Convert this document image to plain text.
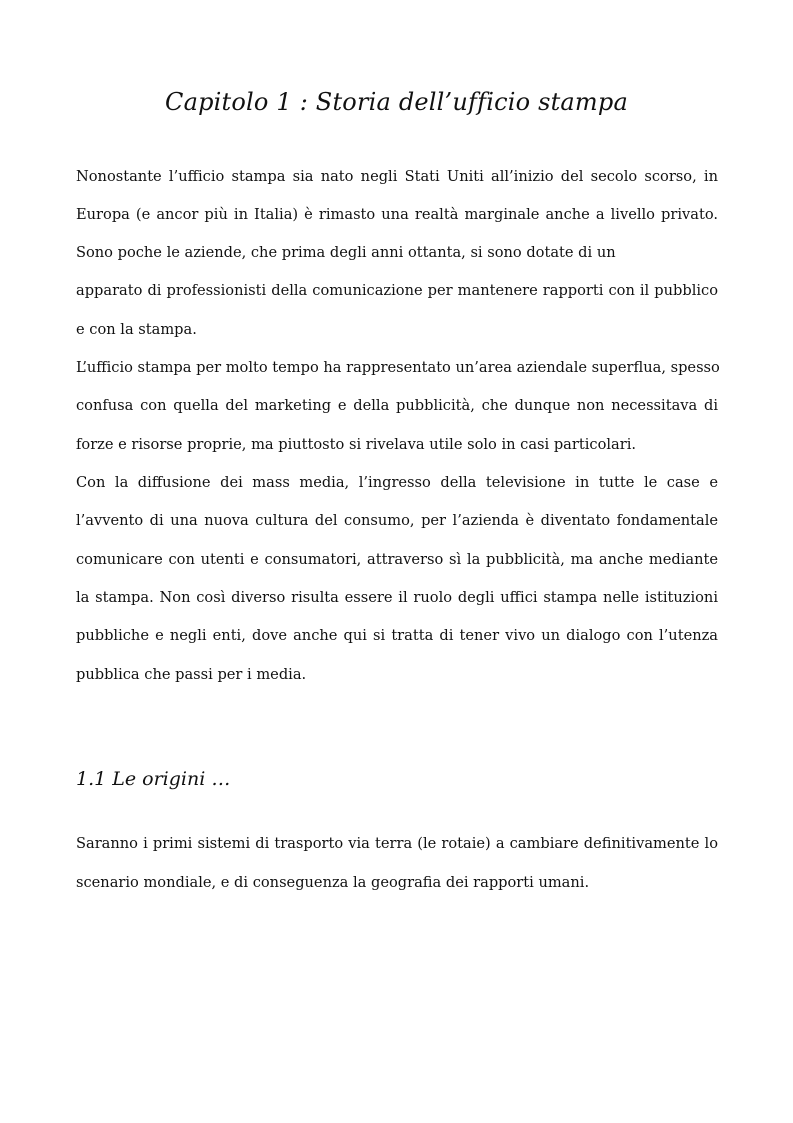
Capitolo 1 : Storia dell’ufficio stampa
Nonostante l’ufficio stampa sia nato negli Stati Uniti all’inizio del secolo scorso, in
Europa (e ancor più in Italia) è rimasto una realtà marginale anche a livello privato.
Sono poche le aziende, che prima degli anni ottanta, si sono dotate di un
apparato di professionisti della comunicazione per mantenere rapporti con il pubblico
e con la stampa.
L’ufficio stampa per molto tempo ha rappresentato un’area aziendale superflua, spesso
confusa con quella del marketing e della pubblicità, che dunque non necessitava di
forze e risorse proprie, ma piuttosto si rivelava utile solo in casi particolari.
Con la diffusione dei mass media, l’ingresso della televisione in tutte le case e
l’avvento di una nuova cultura del consumo, per l’azienda è diventato fondamentale
comunicare con utenti e consumatori, attraverso sì la pubblicità, ma anche mediante
la stampa. Non così diverso risulta essere il ruolo degli uffici stampa nelle istituzioni
pubbliche e negli enti, dove anche qui si tratta di tener vivo un dialogo con l’utenza
pubblica che passi per i media.
1.1 Le origini …
Saranno i primi sistemi di trasporto via terra (le rotaie) a cambiare definitivamente lo
scenario mondiale, e di conseguenza la geografia dei rapporti umani.
